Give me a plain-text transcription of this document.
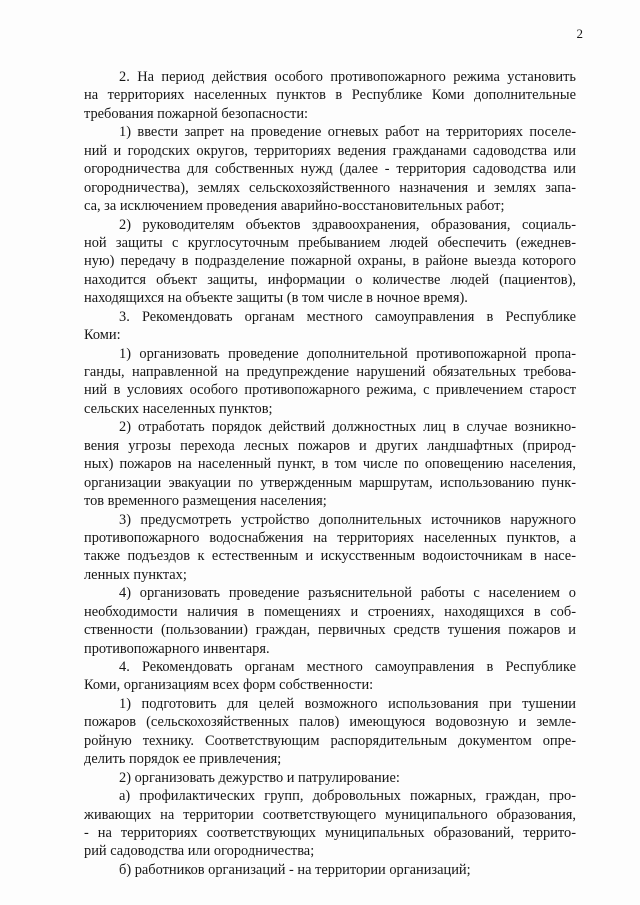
2
2. На период действия особого противопожарного режима установить
на территориях населенных пунктов в Республике Коми дополнительные
требования пожарной безопасности:
1) ввести запрет на проведение огневых работ на территориях поселе-
ний и городских округов, территориях ведения гражданами садоводства или
огородничества для собственных нужд (далее - территория садоводства или
огородничества), землях сельскохозяйственного назначения и землях запа-
са, за исключением проведения аварийно-восстановительных работ;
2) руководителям объектов здравоохранения, образования, социаль-
ной защиты с круглосуточным пребыванием людей обеспечить (ежеднев-
ную) передачу в подразделение пожарной охраны, в районе выезда которого
находится объект защиты, информации о количестве людей (пациентов),
находящихся на объекте защиты (в том числе в ночное время).
3. Рекомендовать органам местного самоуправления в Республике
Коми:
1) организовать проведение дополнительной противопожарной пропа-
ганды, направленной на предупреждение нарушений обязательных требова-
ний в условиях особого противопожарного режима, с привлечением старост
сельских населенных пунктов;
2) отработать порядок действий должностных лиц в случае возникно-
вения угрозы перехода лесных пожаров и других ландшафтных (природ-
ных) пожаров на населенный пункт, в том числе по оповещению населения,
организации эвакуации по утвержденным маршрутам, использованию пунк-
тов временного размещения населения;
3) предусмотреть устройство дополнительных источников наружного
противопожарного водоснабжения на территориях населенных пунктов, а
также подъездов к естественным и искусственным водоисточникам в насе-
ленных пунктах;
4) организовать проведение разъяснительной работы с населением о
необходимости наличия в помещениях и строениях, находящихся в соб-
ственности (пользовании) граждан, первичных средств тушения пожаров и
противопожарного инвентаря.
4. Рекомендовать органам местного самоуправления в Республике
Коми, организациям всех форм собственности:
1) подготовить для целей возможного использования при тушении
пожаров (сельскохозяйственных палов) имеющуюся водовозную и земле-
ройную технику. Соответствующим распорядительным документом опре-
делить порядок ее привлечения;
2) организовать дежурство и патрулирование:
а) профилактических групп, добровольных пожарных, граждан, про-
живающих на территории соответствующего муниципального образования,
- на территориях соответствующих муниципальных образований, террито-
рий садоводства или огородничества;
б) работников организаций - на территории организаций;
